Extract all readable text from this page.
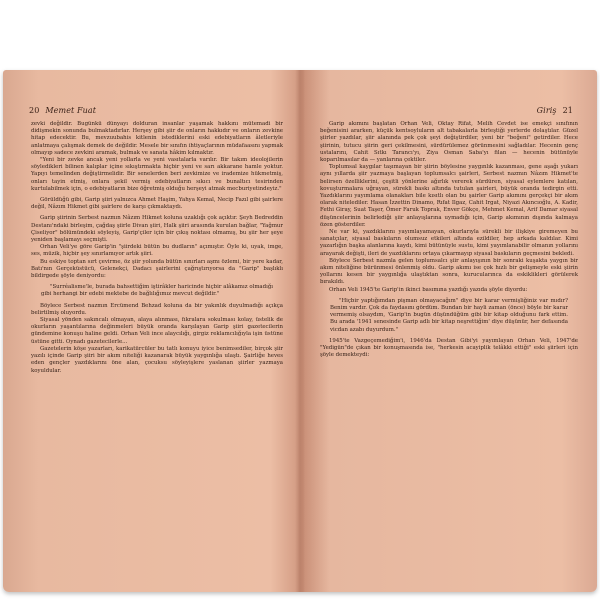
20 Memet Fuat

zevki değildir. Bugünkü dünyayı dolduran insanlar yaşamak hakkını mütemadi bir didişmekin sonunda bulmaktadırlar. Herşey gibi şiir de onların hakkıdır ve onların zevkine hitap edecektir. Bu, mevzuubahis kitlenin istediklerini eski edebiyatların âletleriyle anlatmaya çalışmak demek de değildir. Mesele bir sınıfın ihtiyaçlarının müdafaasını yapmak olmayıp sadece zevkini aramak, bulmak ve sanata hâkim kılmaktır.

"Yeni bir zevke ancak yeni yollarla ve yeni vasıtalarla varılır. Bir takım ideolojilerin söyledikleri bilinen kalıplar içine sıkıştırmakta hiçbir yeni ve sarı akkarane hamle yoktur. Yapıyı temelinden değiştirmelidir. Bir senelerden beri zevkimize ve irademize hükmetmiş, onları tayin etmiş, onlara şekil vermiş edebiyatların sıkıcı ve bunaltıcı tesirinden kurtulabilmek için, o edebiyatların bize öğretmiş olduğu herşeyi atmak mecburiyetindeyiz."

Görüldüğü gibi, Garip şiiri yalnızca Ahmet Haşim, Yahya Kemal, Necip Fazıl gibi şairlere değil, Nâzım Hikmet gibi şairlere de karşı çıkmaktaydı.

Garip şiirinin Serbest nazmın Nâzım Hikmet koluna uzaklığı çok açıktır. Şeyh Bedreddin Destanı'ndaki birleşim, çağdaş şiirle Divan şiiri, Halk şiiri arasında kurulan bağlar, "Yağmur Çiseliyor" bölümündeki söyleyiş, Garip'çiler için bir çıkış noktası olmamış, bu şiir her şeye yeniden başlamayı seçmişti.

Orhan Veli'ye göre Garip'in "şiirdeki bütün bu dudların" açımıştır. Öyle ki, uyak, imge, ses, müzik, hiçbir şey sınırlamıyor artık şiiri.

Bu eskiye toptan sırt çevirme, öz şiir yolunda bütün sınırları aşmı özlemi, bir yere kadar, Batı'nın Gerçeküstücü, Gelenekçi, Dadacı şairlerini çağrıştırıyorsa da "Garip" başlıklı bildirgede şöyle deniyordu:

"Surréalisme'le, burada bahsettiğim iştirâkler haricinde hiçbir alâkamız olmadığı gibi herhangi bir edebi mektebe de bağlılığımız mevcut değildir."

Böylece Serbest nazmın Ercümend Behzad koluna da bir yakınlık duyulmadığı açıkça belirtilmiş oluyordu.

Siyasal yönden sakıncalı olmayan, alaya alınması, fıkralara sokulması kolay, üstelik de okurların yaşantılarına değinmeleri büyük oranda karşılayan Garip şiiri gazetecilerin gündemine konuşu haline geldi. Orhan Veli ince alaycılığı, girgiz reklamcılığıyla işin üstüne üstüne gitti. Oynadı gazetecilerle...

Gazetelerin köşe yazarları, karikatürcüler bu tatlı konuyu iyice benimsediler, birçok şiir yazılı içinde Garip şiiri bir akım niteliği kazanarak büyük yaygınlığa ulaştı. Şairliğe heves eden gençler yazdıklarını öne alan, çocuksu söyleyişlere yaslanan şiirler yazmaya koyuldular.

Giriş 21

Garip akımını başlatan Orhan Veli, Oktay Rifat, Melih Cevdet ise emekçi sınıfının beğenisini ararken, küçük kentsoyluların alt tabakalarla birleştiği yerlerde dolaştılar. Güzel şiirler yazdılar, şiir alanında pek çok şeyi değiştirdiler, yeni bir "beğeni" getirdiler. Hece şiirinin, tutucu şiirin geri çekilmesini, sürdürülemez görünmesini sağladılar. Hecenin genç ustalarını, Cahit Sıtkı Tarancı'yı, Ziya Osman Saba'yı filan — hecenin bütünüyle koparılmasılar da — yanlarına çektiler.

Toplumsal kaygılar taşımayan bir şiirin böylesine yaygınlık kazanması, gene aşağı yukarı aynı yıllarda şiir yazmaya başlayan toplumsalcı şairleri, Serbest nazmın Nâzım Hikmet'te belirsen özelliklerini, çeşitli yönlerine ağırlık vererek sürdüren, siyasal eylemlere katılan, kovuşturmalara uğrayan, sürekli baskı altında tutulan şairleri, büyük oranda tedirgin etti. Yazdıklarını yayımlama olanakları bile kısıtlı olan bu şairler Garip akımını gerçekçi bir akım olarak nitelediler. Hasan İzzettin Dinamo, Rıfat Ilgaz, Cahit Irgat, Niyazi Akıncıoğlu, A. Kadir, Fethi Giray, Suat Taşer, Ömer Faruk Toprak, Enver Gökçe, Mehmet Kemal, Arif Damar siyasal düşüncelerinin belirlediği şiir anlayışlarına uymadığı için, Garip akımının dışında kalmaya özen gösterdiler.

Ne var ki, yazdıklarını yayımlayamayan, okurlarıyla sürekli bir ilişkiye giremeyen bu sanatçılar, siyasal baskıların olumsuz etkileri altında ezildiler, hep arkada kaldılar. Kimi yazarlığın başka alanlarına kaydı, kimi bütünüyle sustu, kimi yayımlanabilir olmanın yollarını arayarak değişti, ileri de yazdıklarını ortaya çıkarmayıp siyasal baskıların geçmesini bekledi.

Böylece Serbest nazmla gelen toplumsalcı şiir anlayışının bir sonraki kuşakta yaygın bir akım niteliğine bürünmesi önlenmiş oldu. Garip akımı ise çok hızlı bir gelişmeyle eski şiirin yollarını kesen bir yaygınlığa ulaştıktan sonra, kurucularınca da eskiklikleri görülerek bırakıldı.

Orhan Veli 1945'te Garip'in ikinci basımına yazdığı yazıda şöyle diyordu:

"Hiçbir yaptığımdan pişman olmayacağım" diye bir karar vermişliğiniz var mıdır? Benim vardır. Çok da faydasını gördüm. Bundan bir hayli zaman (önce) böyle bir karar vermemiş olsaydım, 'Garip'in bugün düşündüğüm gibi bir kitap olduğunu fark ettim. Bu arada '1941 senesinde Garip adlı bir kitap neşrettiğim' diye düşünür, her defasında vicdan azabı duyurdum."

1945'te Vazgeçemediğim'i, 1946'da Destan Gibi'yi yayımlayan Orhan Veli, 1947'de "Yedigün"de çıkan bir konuşmasında ise, "herkesin acayiplik telâkki ettiği" eski şiirleri için şöyle demekteydi:
